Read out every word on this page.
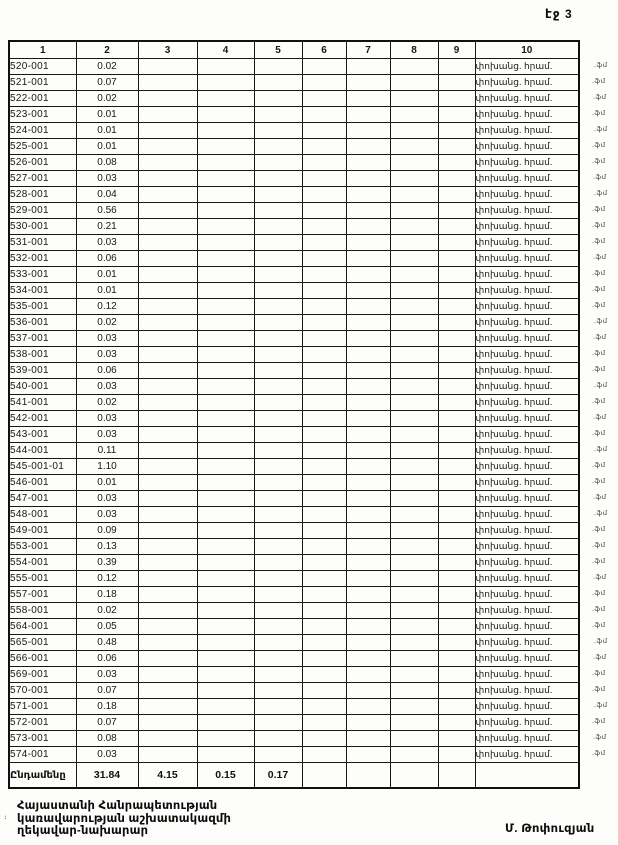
էջ 3
1	2	3	4	5	6	7	8	9	10
520-001	0.02								փոխանց. հրամ.
521-001	0.07								փոխանց. հրամ.
522-001	0.02								փոխանց. հրամ.
523-001	0.01								փոխանց. հրամ.
524-001	0.01								փոխանց. հրամ.
525-001	0.01								փոխանց. հրամ.
526-001	0.08								փոխանց. հրամ.
527-001	0.03								փոխանց. հրամ.
528-001	0.04								փոխանց. հրամ.
529-001	0.56								փոխանց. հրամ.
530-001	0.21								փոխանց. հրամ.
531-001	0.03								փոխանց. հրամ.
532-001	0.06								փոխանց. հրամ.
533-001	0.01								փոխանց. հրամ.
534-001	0.01								փոխանց. հրամ.
535-001	0.12								փոխանց. հրամ.
536-001	0.02								փոխանց. հրամ.
537-001	0.03								փոխանց. հրամ.
538-001	0.03								փոխանց. հրամ.
539-001	0.06								փոխանց. հրամ.
540-001	0.03								փոխանց. հրամ.
541-001	0.02								փոխանց. հրամ.
542-001	0.03								փոխանց. հրամ.
543-001	0.03								փոխանց. հրամ.
544-001	0.11								փոխանց. հրամ.
545-001-01	1.10								փոխանց. հրամ.
546-001	0.01								փոխանց. հրամ.
547-001	0.03								փոխանց. հրամ.
548-001	0.03								փոխանց. հրամ.
549-001	0.09								փոխանց. հրամ.
553-001	0.13								փոխանց. հրամ.
554-001	0.39								փոխանց. հրամ.
555-001	0.12								փոխանց. հրամ.
557-001	0.18								փոխանց. հրամ.
558-001	0.02								փոխանց. հրամ.
564-001	0.05								փոխանց. հրամ.
565-001	0.48								փոխանց. հրամ.
566-001	0.06								փոխանց. հրամ.
569-001	0.03								փոխանց. հրամ.
570-001	0.07								փոխանց. հրամ.
571-001	0.18								փոխանց. հրամ.
572-001	0.07								փոխանց. հրամ.
573-001	0.08								փոխանց. հրամ.
574-001	0.03								փոխանց. հրամ.
Ընդամենը	31.84	4.15	0.15	0.17					
.ֆմ
.ֆմ
.ֆմ
.ֆմ
.ֆմ
.ֆմ
.ֆմ
.ֆմ
.ֆմ
.ֆմ
.ֆմ
.ֆմ
.ֆմ
.ֆմ
.ֆմ
.ֆմ
.ֆմ
.ֆմ
.ֆմ
.ֆմ
.ֆմ
.ֆմ
.ֆմ
.ֆմ
.ֆմ
.ֆմ
.ֆմ
.ֆմ
.ֆմ
.ֆմ
.ֆմ
.ֆմ
.ֆմ
.ֆմ
.ֆմ
.ֆմ
.ֆմ
.ֆմ
.ֆմ
.ֆմ
.ֆմ
.ֆմ
.ֆմ
.ֆմ
Հայաստանի Հանրապետության
կառավարության աշխատակազմի
ղեկավար-նախարար
։
Մ. Թոփուզյան
